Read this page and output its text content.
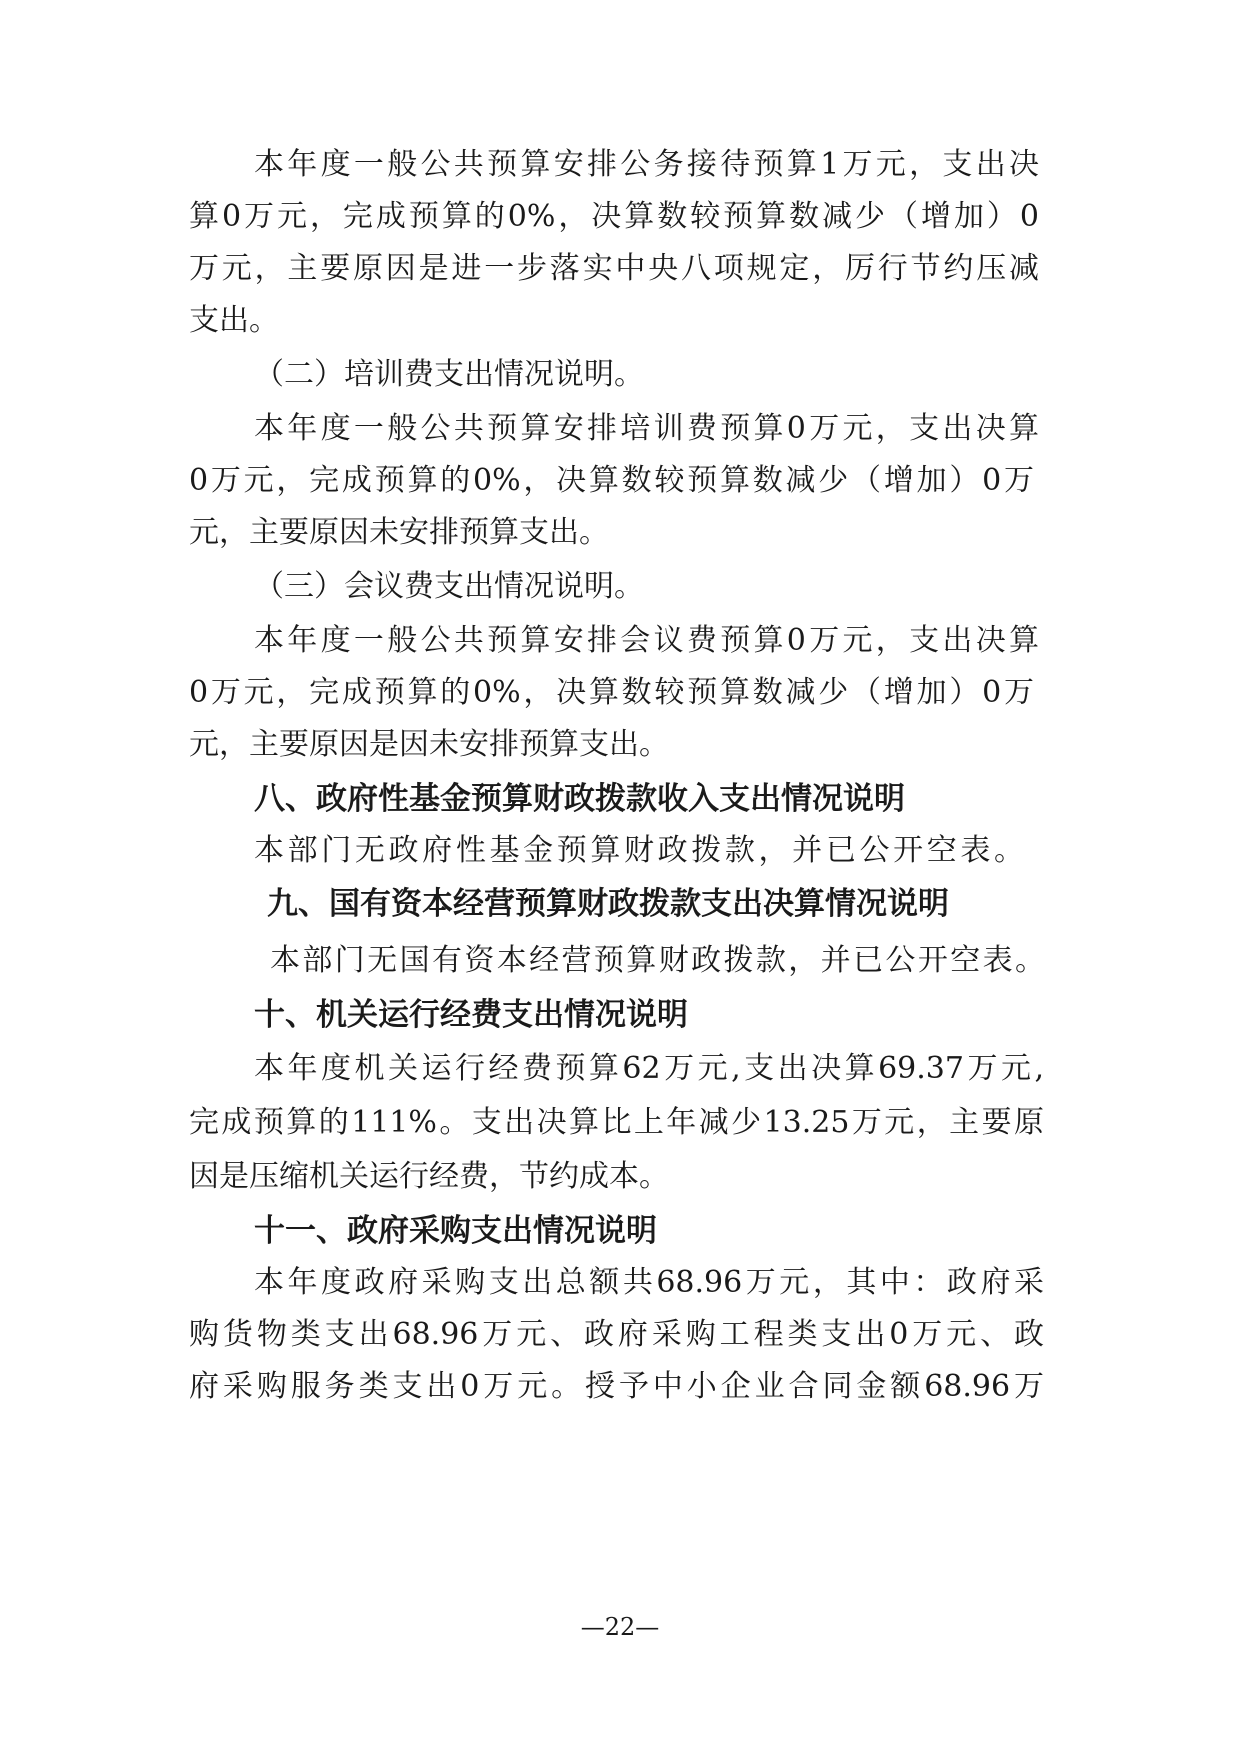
本年度一般公共预算安排公务接待预算1万元，支出决
算0万元，完成预算的0%，决算数较预算数减少（增加）0
万元，主要原因是进一步落实中央八项规定，厉行节约压减
支出。
（二）培训费支出情况说明。
本年度一般公共预算安排培训费预算0万元，支出决算
0万元，完成预算的0%，决算数较预算数减少（增加）0万
元，主要原因未安排预算支出。
（三）会议费支出情况说明。
本年度一般公共预算安排会议费预算0万元，支出决算
0万元，完成预算的0%，决算数较预算数减少（增加）0万
元，主要原因是因未安排预算支出。
八、政府性基金预算财政拨款收入支出情况说明
本部门无政府性基金预算财政拨款，并已公开空表。
九、国有资本经营预算财政拨款支出决算情况说明
本部门无国有资本经营预算财政拨款，并已公开空表。
十、机关运行经费支出情况说明
本年度机关运行经费预算62万元,支出决算69.37万元,
完成预算的111%。支出决算比上年减少13.25万元，主要原
因是压缩机关运行经费，节约成本。
十一、政府采购支出情况说明
本年度政府采购支出总额共68.96万元，其中：政府采
购货物类支出68.96万元、政府采购工程类支出0万元、政
府采购服务类支出0万元。授予中小企业合同金额68.96万
—22—
